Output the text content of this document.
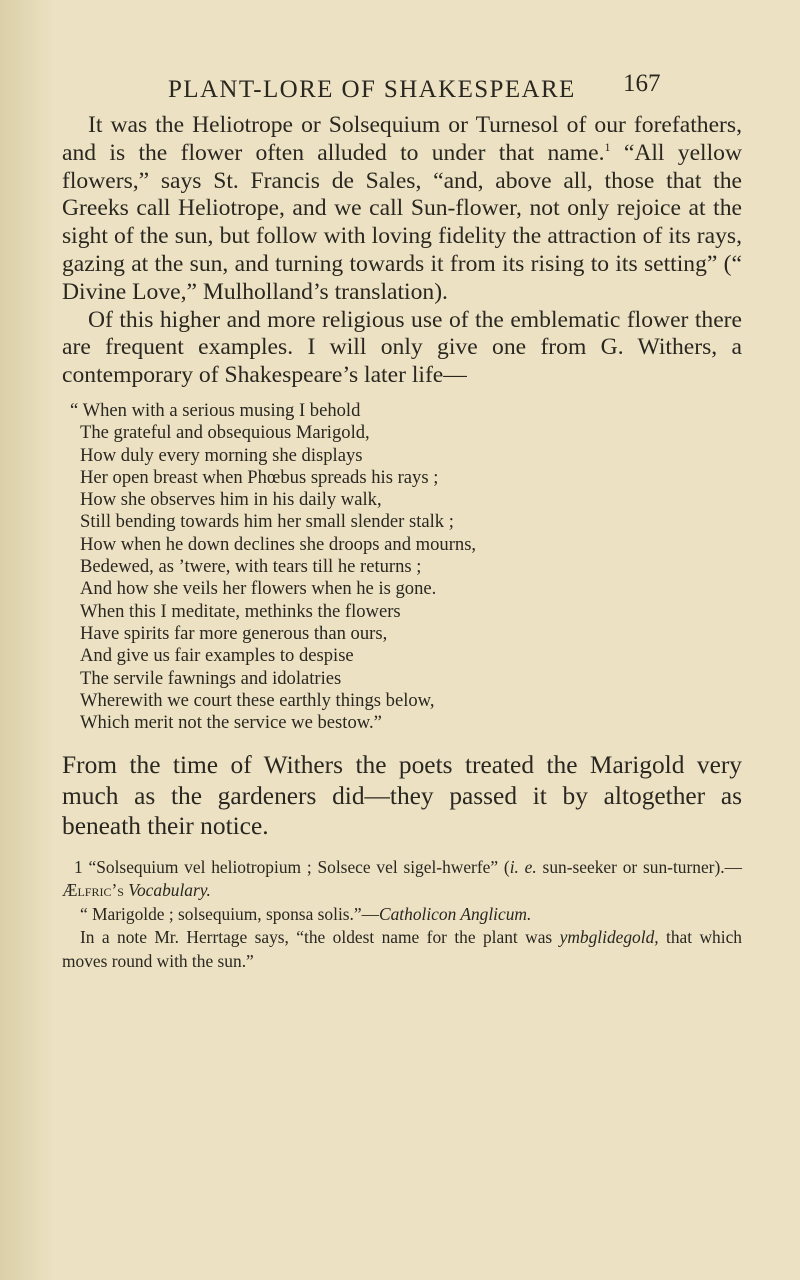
PLANT-LORE OF SHAKESPEARE 167

It was the Heliotrope or Solsequium or Turnesol of our forefathers, and is the flower often alluded to under that name.$^1$ “All yellow flowers,” says St. Francis de Sales, “and, above all, those that the Greeks call Heliotrope, and we call Sun-flower, not only rejoice at the sight of the sun, but follow with loving fidelity the attraction of its rays, gazing at the sun, and turning towards it from its rising to its setting” (“ Divine Love,” Mulholland’s translation).

Of this higher and more religious use of the emblematic flower there are frequent examples. I will only give one from G. Withers, a contemporary of Shakespeare’s later life—

“ When with a serious musing I behold
The grateful and obsequious Marigold,
How duly every morning she displays
Her open breast when Phœbus spreads his rays ;
How she observes him in his daily walk,
Still bending towards him her small slender stalk ;
How when he down declines she droops and mourns,
Bedewed, as ’twere, with tears till he returns ;
And how she veils her flowers when he is gone.
When this I meditate, methinks the flowers
Have spirits far more generous than ours,
And give us fair examples to despise
The servile fawnings and idolatries
Wherewith we court these earthly things below,
Which merit not the service we bestow.”

From the time of Withers the poets treated the Marigold very much as the gardeners did—they passed it by altogether as beneath their notice.

1 “Solsequium vel heliotropium ; Solsece vel sigel-hwerfe” (i. e. sun-seeker or sun-turner).—Ælfric’s Vocabulary.

“ Marigolde ; solsequium, sponsa solis.”—Catholicon Anglicum.

In a note Mr. Herrtage says, “the oldest name for the plant was ymbglidegold, that which moves round with the sun.”
